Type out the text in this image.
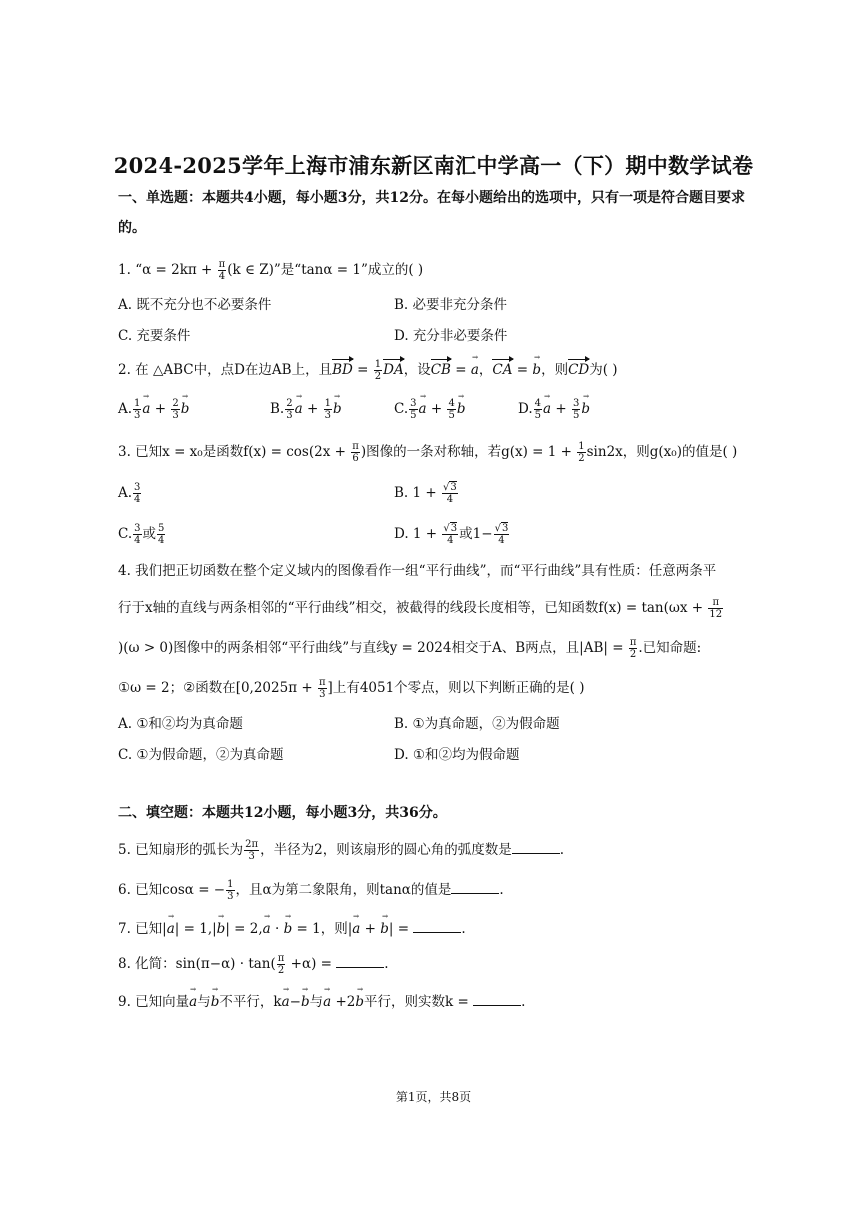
2024-2025学年上海市浦东新区南汇中学高一（下）期中数学试卷
一、单选题：本题共4小题，每小题3分，共12分。在每小题给出的选项中，只有一项是符合题目要求
的。
1. “$\alpha = 2k\pi + \frac{\pi}{4} (k$ ∈ Z)”是“tanα = 1”成立的( )
A. 既不充分也不必要条件	B. 必要非充分条件
C. 充要条件	D. 充分非必要条件
2. 在 △ABC中，点D在边AB上，且BD = $\frac{1}{2}$ DA，设CB = → a，CA = → b，则CD为( )
A. $\frac{1}{3}$
→ $a + \frac{2}{3}$
→ b	B. $\frac{2}{3}$
→ $a + \frac{1}{3}$
→ b	C. $\frac{3}{5}$
→ $a + \frac{4}{5}$
→ b	D. $\frac{4}{5}$
→ $a + \frac{3}{5}$
→ b
3. 已知x = x₀是函数$f(x) = \cos(2x + \frac{\pi}{6}$ )图像的一条对称轴，若$g(x) = 1 + \frac{1}{2} \sin 2x$，则g(x₀)的值是( )
A. $\frac{3}{4}$	B. $1 + \frac{√3}{4}$
C. $\frac{3}{4}$ 或 $\frac{5}{4}$	D. $1 + \frac{√3}{4}$ 或$1- \frac{√3}{4}$
4. 我们把正切函数在整个定义域内的图像看作一组“平行曲线”，而“平行曲线”具有性质：任意两条平
行于x轴的直线与两条相邻的“平行曲线”相交，被截得的线段长度相等，已知函数$f(x) = \tan(\omega x + \frac{\pi}{12}$
)(ω > 0)图像中的两条相邻“平行曲线”与直线y = 2024相交于A、B两点，且$|AB| = \frac{\pi}{2}$ .已知命题:
①ω = 2；②函数在[$0,2025\pi + \frac{\pi}{3}$ ]上有4051个零点，则以下判断正确的是( )
A. ①和②均为真命题	B. ①为真命题，②为假命题
C. ①为假命题，②为真命题	D. ①和②均为假命题
二、填空题：本题共12小题，每小题3分，共36分。
5. 已知扇形的弧长为 $\frac{2\pi}{3}$ ，半径为2，则该扇形的圆心角的弧度数是	.
6. 已知cosα = − $\frac{1}{3}$ ，且α为第二象限角，则tanα的值是	.
7. 已知|→ a| = 1,|→ b| = 2,→ a · → b = 1，则|→ a + → b| =	.
8. 化简：$\sin(\pi-\alpha) \cdot \tan( \frac{\pi}{2} +\alpha)$ =	.
9. 已知向量→ a与→ b不平行，k→ a−→ b与→ a +2→ b平行，则实数k =	.
第1页，共8页
